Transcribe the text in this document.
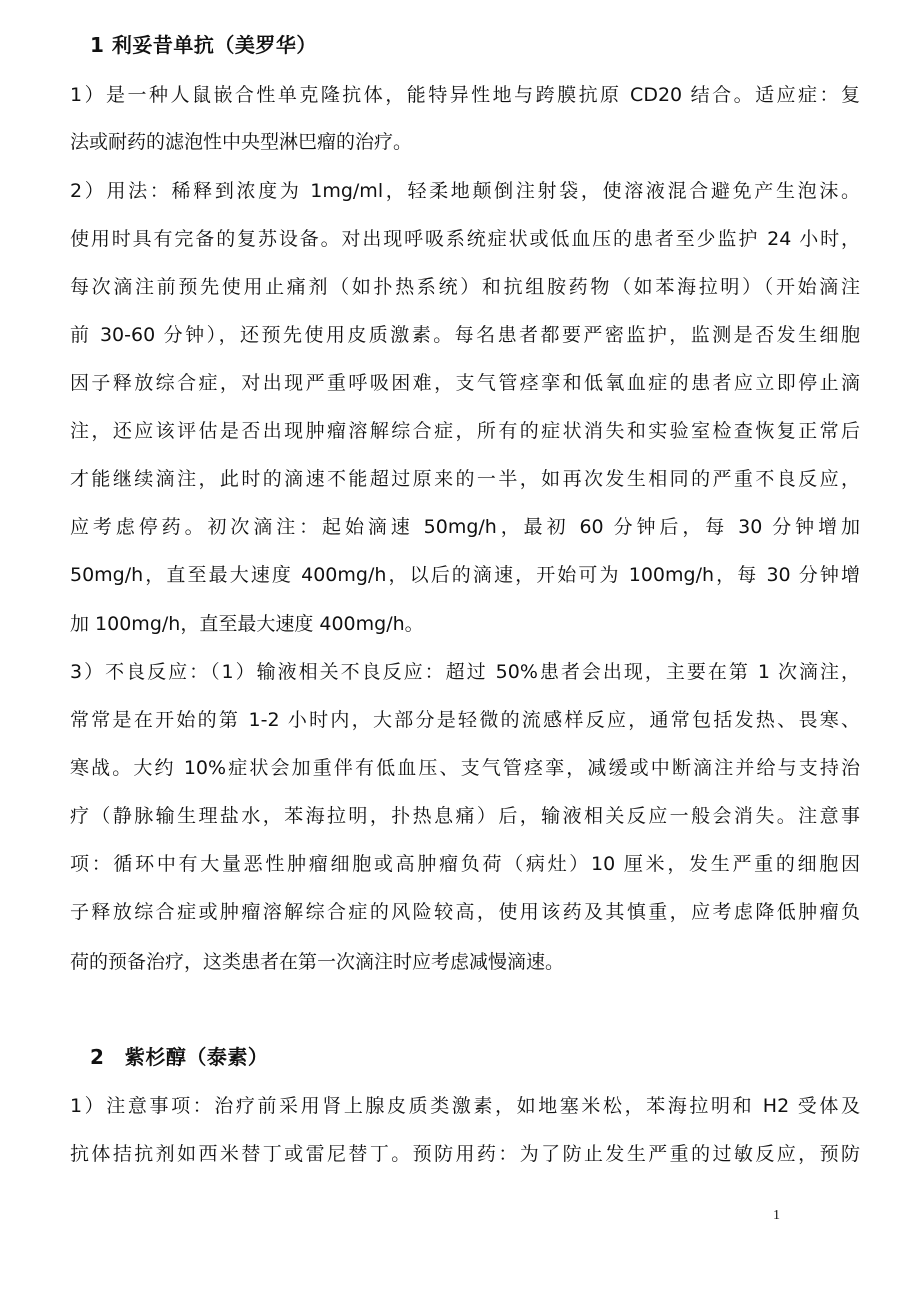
1 利妥昔单抗（美罗华）
1）是一种人鼠嵌合性单克隆抗体，能特异性地与跨膜抗原 CD20 结合。适应症：复
法或耐药的滤泡性中央型淋巴瘤的治疗。
2）用法：稀释到浓度为 1mg/ml，轻柔地颠倒注射袋，使溶液混合避免产生泡沫。
使用时具有完备的复苏设备。对出现呼吸系统症状或低血压的患者至少监护 24 小时，
每次滴注前预先使用止痛剂（如扑热系统）和抗组胺药物（如苯海拉明）（开始滴注
前 30-60 分钟），还预先使用皮质激素。每名患者都要严密监护，监测是否发生细胞
因子释放综合症，对出现严重呼吸困难，支气管痉挛和低氧血症的患者应立即停止滴
注，还应该评估是否出现肿瘤溶解综合症，所有的症状消失和实验室检查恢复正常后
才能继续滴注，此时的滴速不能超过原来的一半，如再次发生相同的严重不良反应，
应考虑停药。初次滴注：起始滴速 50mg/h，最初 60 分钟后，每 30 分钟增加
50mg/h，直至最大速度 400mg/h，以后的滴速，开始可为 100mg/h，每 30 分钟增
加 100mg/h，直至最大速度 400mg/h。
3）不良反应：（1）输液相关不良反应：超过 50%患者会出现，主要在第 1 次滴注，
常常是在开始的第 1-2 小时内，大部分是轻微的流感样反应，通常包括发热、畏寒、
寒战。大约 10%症状会加重伴有低血压、支气管痉挛，减缓或中断滴注并给与支持治
疗（静脉输生理盐水，苯海拉明，扑热息痛）后，输液相关反应一般会消失。注意事
项：循环中有大量恶性肿瘤细胞或高肿瘤负荷（病灶）10 厘米，发生严重的细胞因
子释放综合症或肿瘤溶解综合症的风险较高，使用该药及其慎重，应考虑降低肿瘤负
荷的预备治疗，这类患者在第一次滴注时应考虑减慢滴速。
2　紫杉醇（泰素）
1）注意事项：治疗前采用肾上腺皮质类激素，如地塞米松，苯海拉明和 H2 受体及
抗体拮抗剂如西米替丁或雷尼替丁。预防用药：为了防止发生严重的过敏反应，预防
1
